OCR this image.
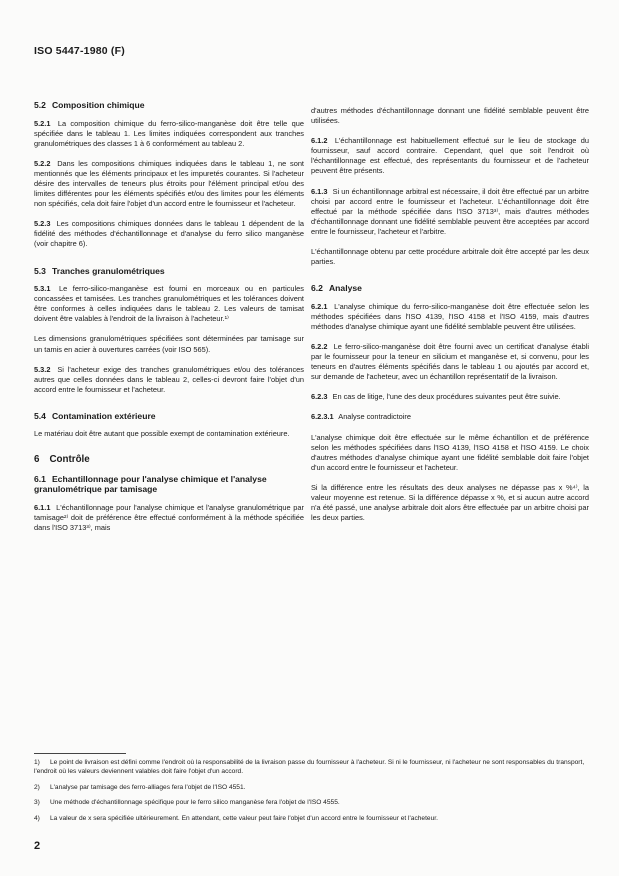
ISO 5447-1980 (F)
5.2 Composition chimique

5.2.1 La composition chimique du ferro-silico-manganèse doit être telle que spécifiée dans le tableau 1. Les limites indiquées correspondent aux tranches granulométriques des classes 1 à 6 conformément au tableau 2.

5.2.2 Dans les compositions chimiques indiquées dans le tableau 1, ne sont mentionnés que les éléments principaux et les impuretés courantes. Si l'acheteur désire des intervalles de teneurs plus étroits pour l'élément principal et/ou des limites différentes pour les éléments spécifiés et/ou des limites pour les éléments non spécifiés, cela doit faire l'objet d'un accord entre le fournisseur et l'acheteur.

5.2.3 Les compositions chimiques données dans le tableau 1 dépendent de la fidélité des méthodes d'échantillonnage et d'analyse du ferro silico manganèse (voir chapitre 6).

5.3 Tranches granulométriques

5.3.1 Le ferro-silico-manganèse est fourni en morceaux ou en particules concassées et tamisées. Les tranches granulométriques et les tolérances doivent être conformes à celles indiquées dans le tableau 2. Les valeurs de tamisat doivent être valables à l'endroit de la livraison à l'acheteur.¹⁾

Les dimensions granulométriques spécifiées sont déterminées par tamisage sur un tamis en acier à ouvertures carrées (voir ISO 565).

5.3.2 Si l'acheteur exige des tranches granulométriques et/ou des tolérances autres que celles données dans le tableau 2, celles-ci devront faire l'objet d'un accord entre le fournisseur et l'acheteur.

5.4 Contamination extérieure

Le matériau doit être autant que possible exempt de contamination extérieure.

6 Contrôle
6.1 Echantillonnage pour l'analyse chimique et l'analyse granulométrique par tamisage

6.1.1 L'échantillonnage pour l'analyse chimique et l'analyse granulométrique par tamisage²⁾ doit de préférence être effectué conformément à la méthode spécifiée dans l'ISO 3713³⁾, mais

d'autres méthodes d'échantillonnage donnant une fidélité semblable peuvent être utilisées.

6.1.2 L'échantillonnage est habituellement effectué sur le lieu de stockage du fournisseur, sauf accord contraire. Cependant, quel que soit l'endroit où l'échantillonnage est effectué, des représentants du fournisseur et de l'acheteur peuvent être présents.

6.1.3 Si un échantillonnage arbitral est nécessaire, il doit être effectué par un arbitre choisi par accord entre le fournisseur et l'acheteur. L'échantillonnage doit être effectué par la méthode spécifiée dans l'ISO 3713³⁾, mais d'autres méthodes d'échantillonnage donnant une fidélité semblable peuvent être acceptées par accord entre le fournisseur, l'acheteur et l'arbitre.

L'échantillonnage obtenu par cette procédure arbitrale doit être accepté par les deux parties.

6.2 Analyse

6.2.1 L'analyse chimique du ferro-silico-manganèse doit être effectuée selon les méthodes spécifiées dans l'ISO 4139, l'ISO 4158 et l'ISO 4159, mais d'autres méthodes d'analyse chimique ayant une fidélité semblable peuvent être utilisées.

6.2.2 Le ferro-silico-manganèse doit être fourni avec un certificat d'analyse établi par le fournisseur pour la teneur en silicium et manganèse et, si convenu, pour les teneurs en d'autres éléments spécifiés dans le tableau 1 ou ajoutés par accord et, sur demande de l'acheteur, avec un échantillon représentatif de la livraison.

6.2.3 En cas de litige, l'une des deux procédures suivantes peut être suivie.

6.2.3.1 Analyse contradictoire

L'analyse chimique doit être effectuée sur le même échantillon et de préférence selon les méthodes spécifiées dans l'ISO 4139, l'ISO 4158 et l'ISO 4159. Le choix d'autres méthodes d'analyse chimique ayant une fidélité semblable doit faire l'objet d'un accord entre le fournisseur et l'acheteur.

Si la différence entre les résultats des deux analyses ne dépasse pas x %⁴⁾, la valeur moyenne est retenue. Si la différence dépasse x %, et si aucun autre accord n'a été passé, une analyse arbitrale doit alors être effectuée par un arbitre choisi par les deux parties.

1) Le point de livraison est défini comme l'endroit où la responsabilité de la livraison passe du fournisseur à l'acheteur. Si ni le fournisseur, ni l'acheteur ne sont responsables du transport, l'endroit où les valeurs deviennent valables doit faire l'objet d'un accord.
2) L'analyse par tamisage des ferro-alliages fera l'objet de l'ISO 4551.
3) Une méthode d'échantillonnage spécifique pour le ferro silico manganèse fera l'objet de l'ISO 4555.
4) La valeur de x sera spécifiée ultérieurement. En attendant, cette valeur peut faire l'objet d'un accord entre le fournisseur et l'acheteur.
2
